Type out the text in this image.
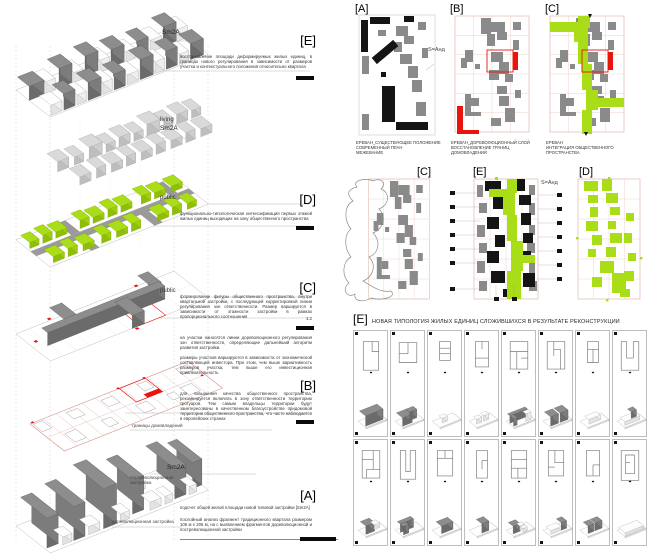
Sm2A
living
Sm2A
public
public
границы домовладений
Sm2A
постреволюционная застройка
дореволюционная застройка
[E]
восстановление площади деформируемых жилых единиц, в границах нового регулирования в зависимости от размеров участка и контекстуального положения относительно квартала
[D]
функционально-типологическая интенсификация первых этажей жилых единиц выходящих на зону общественного пространства
[C]
формирование фигуры общественного пространства, внутри квартальной застройки, с последующей корректировкой линии регулирования зон ответственности. Размер варьируется в зависимости от этажности застройки в рамках пропорционального соотношения	1:2
на участки наносятся линии дореволюционного регулирования зон ответственности, определяющие дальнейший алгоритм развития застройки.
размеры участков варьируются в зависимости от экономической составляющей инвестора. При этом, чем выше вариативность размеров участка, тем выше его инвестиционная привлекательность
[B]
для повышения качества общественного пространства, рекомендуется включать в зону ответственности территорию тротуаров. Тем самым владельцы территории будут заинтересованы в качественном благоустройстве придомовой территории общественного пространства, что часто наблюдается в европейских странах
[A]
подсчет общей жилой площади новой типовой застройки [Sm2A]
послойный анализ фрагмент традиционного квартала размером 106 м x 206 м, на с выявлением фрагментов дореволюционной и постреволюционной застройки
[A]	[B]	[C]
S=Aнд
ЕРЕВАН_СУЩЕСТВУЮЩЕЕ ПОЛОЖЕНИЕ
СОВРЕМЕННЫЙ ПЛАН
МЕЖЕВАНИЕ
ЕРЕВАН_ДОРЕВОЛЮЦИОННЫЙ СЛОЙ
ВОССТАНОВЛЕНИЕ ГРАНИЦ ДОМОВЛАДЕНИЙ
ЕРЕВАН
ИНТЕГРАЦИЯ ОБЩЕСТВЕННОГО ПРОСТРАНСТВА
[C]	[E]	[D]
S=Aнд
[E] НОВАЯ ТИПОЛОГИЯ ЖИЛЫХ ЕДИНИЦ СЛОЖИВШИХСЯ В РЕЗУЛЬТАТЕ РЕКОНСТРУКЦИИ
